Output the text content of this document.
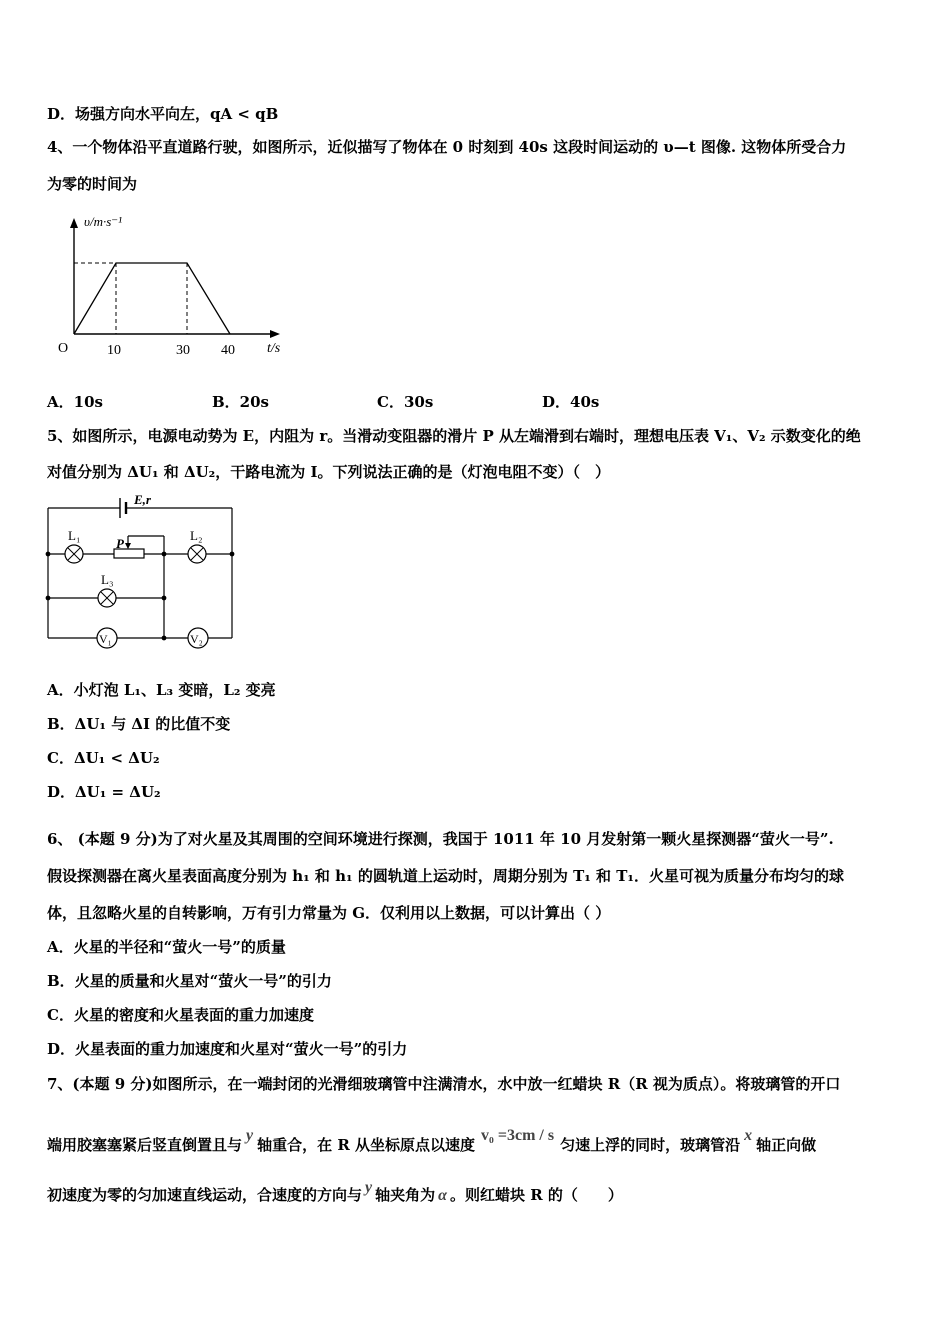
D．场强方向水平向左，qA < qB
4、一个物体沿平直道路行驶，如图所示，近似描写了物体在 0 时刻到 40s 这段时间运动的 υ—t 图像. 这物体所受合力
为零的时间为
υ/m·s⁻¹
O	10	30 40 t/s
A．10s	B．20s	C．30s	D．40s
5、如图所示，电源电动势为 E，内阻为 r。当滑动变阻器的滑片 P 从左端滑到右端时，理想电压表 V₁、V₂ 示数变化的绝
对值分别为 ΔU₁ 和 ΔU₂，干路电流为 I。下列说法正确的是（灯泡电阻不变）（　）
E,r
L₁
P
L₂
L₃
V₁	V₂
A．小灯泡 L₁、L₃ 变暗，L₂ 变亮
B．ΔU₁ 与 ΔI 的比值不变
C．ΔU₁ < ΔU₂
D．ΔU₁ = ΔU₂
6、 (本题 9 分)为了对火星及其周围的空间环境进行探测，我国于 1011 年 10 月发射第一颗火星探测器“萤火一号”.
假设探测器在离火星表面高度分别为 h₁ 和 h₁ 的圆轨道上运动时，周期分别为 T₁ 和 T₁．火星可视为质量分布均匀的球
体，且忽略火星的自转影响，万有引力常量为 G．仅利用以上数据，可以计算出（ ）
A．火星的半径和“萤火一号”的质量
B．火星的质量和火星对“萤火一号”的引力
C．火星的密度和火星表面的重力加速度
D．火星表面的重力加速度和火星对“萤火一号”的引力
7、(本题 9 分)如图所示，在一端封闭的光滑细玻璃管中注满清水，水中放一红蜡块 R（R 视为质点）。将玻璃管的开口
端用胶塞塞紧后竖直倒置且与y轴重合，在 R 从坐标原点以速度v₀ =3cm / s匀速上浮的同时，玻璃管沿x轴正向做
初速度为零的匀加速直线运动，合速度的方向与 y 轴夹角为 α 。则红蜡块 R 的（　　）
